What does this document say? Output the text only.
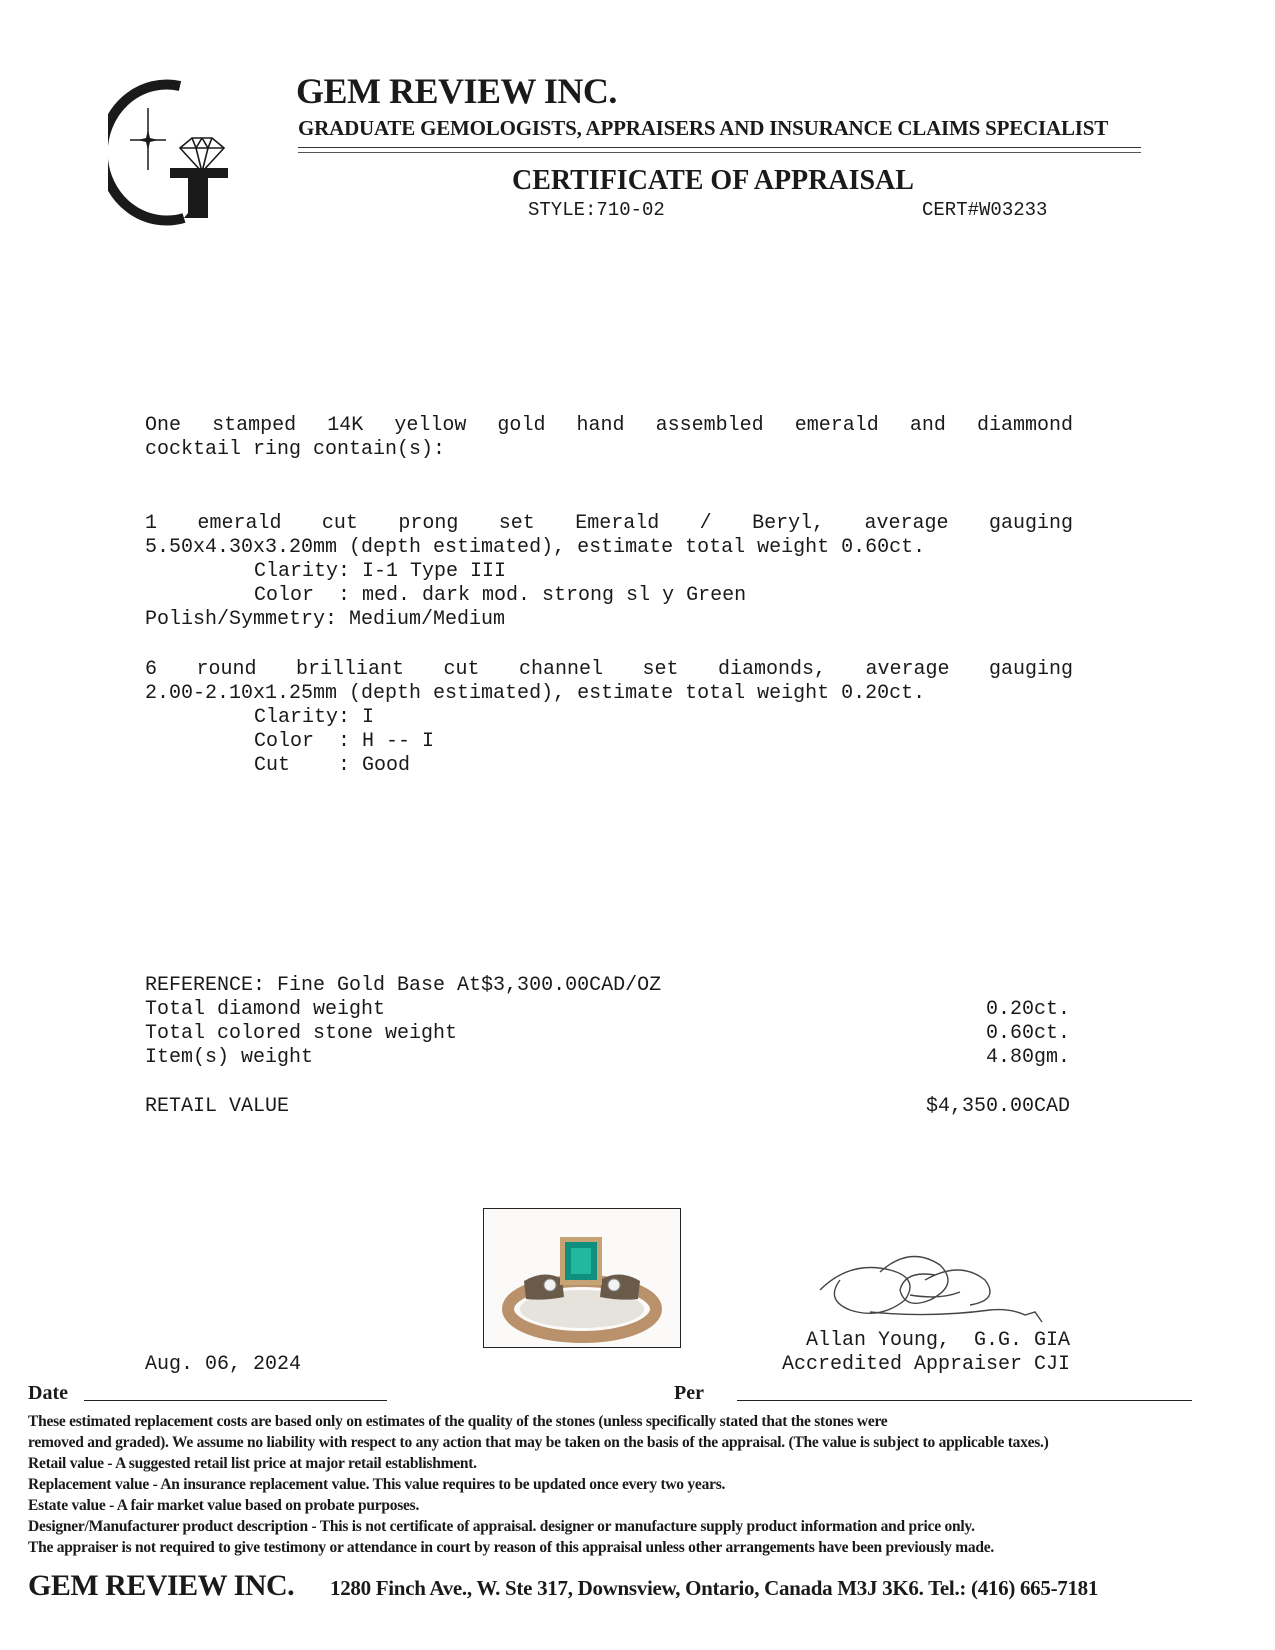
GEM REVIEW INC.
GRADUATE GEMOLOGISTS, APPRAISERS AND INSURANCE CLAIMS SPECIALIST
CERTIFICATE OF APPRAISAL
STYLE:710-02	CERT#W03233
One stamped 14K yellow gold hand assembled emerald and diammond
cocktail ring contain(s):
1 emerald cut prong set Emerald / Beryl, average gauging
5.50x4.30x3.20mm (depth estimated), estimate total weight 0.60ct.
Clarity: I-1 Type III
Color  : med. dark mod. strong sl y Green
Polish/Symmetry: Medium/Medium
6 round brilliant cut channel set diamonds, average gauging
2.00-2.10x1.25mm (depth estimated), estimate total weight 0.20ct.
Clarity: I
Color  : H -- I
Cut    : Good
REFERENCE: Fine Gold Base At$3,300.00CAD/OZ
Total diamond weight	0.20ct.
Total colored stone weight	0.60ct.
Item(s) weight	4.80gm.
RETAIL VALUE	$4,350.00CAD
Allan Young,  G.G. GIA
Accredited Appraiser CJI
Aug. 06, 2024
Date	Per
These estimated replacement costs are based only on estimates of the quality of the stones (unless specifically stated that the stones were
removed and graded). We assume no liability with respect to any action that may be taken on the basis of the appraisal. (The value is subject to applicable taxes.)
Retail value - A suggested retail list price at major retail establishment.
Replacement value - An insurance replacement value. This value requires to be updated once every two years.
Estate value - A fair market value based on probate purposes.
Designer/Manufacturer product description - This is not certificate of appraisal. designer or manufacture supply product information and price only.
The appraiser is not required to give testimony or attendance in court by reason of this appraisal unless other arrangements have been previously made.
GEM REVIEW INC. 1280 Finch Ave., W. Ste 317, Downsview, Ontario, Canada M3J 3K6. Tel.: (416) 665-7181
